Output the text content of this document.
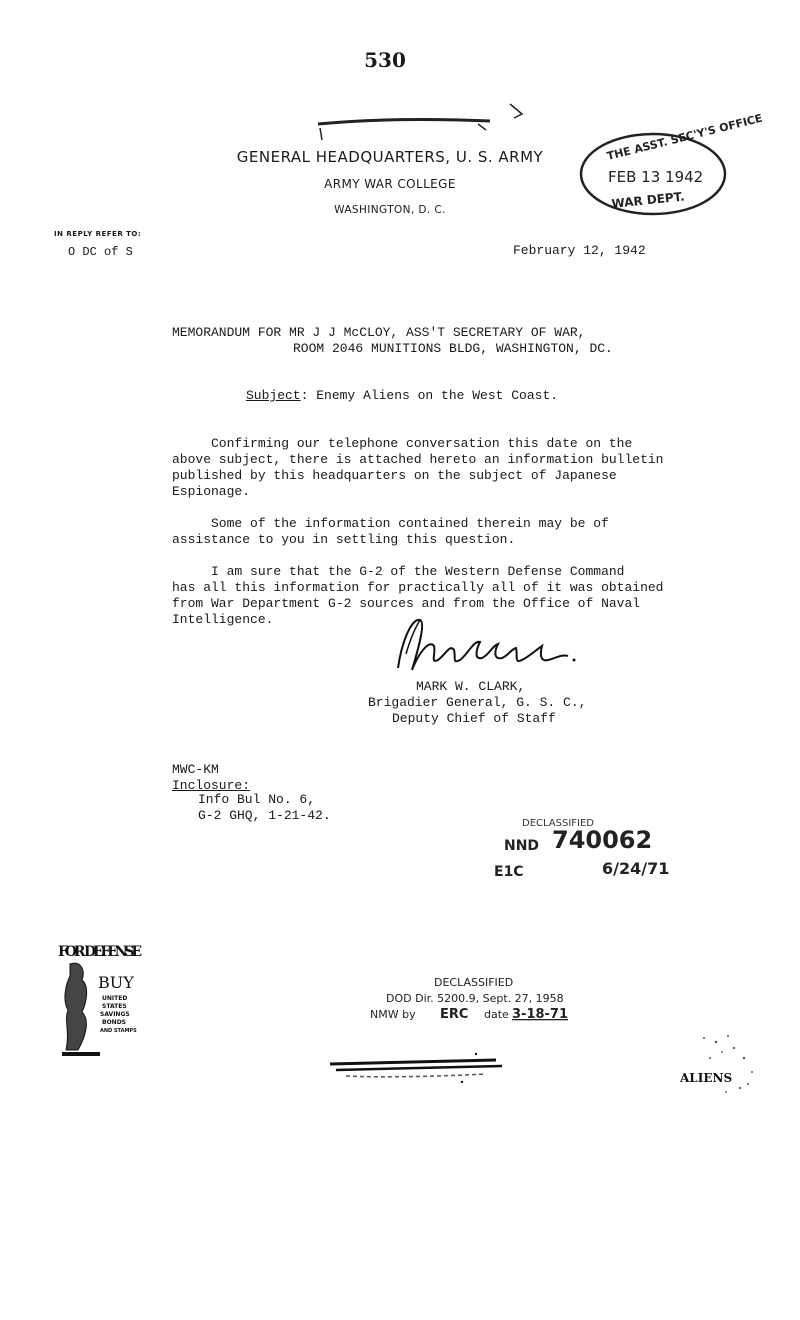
530
GENERAL HEADQUARTERS, U. S. ARMY
ARMY WAR COLLEGE
WASHINGTON, D. C.
THE ASST. SEC'Y'S OFFICE
FEB 13 1942
WAR DEPT.
IN REPLY REFER TO:
O DC of S	February 12, 1942
MEMORANDUM FOR MR J J McCLOY, ASS'T SECRETARY OF WAR,
ROOM 2046 MUNITIONS BLDG, WASHINGTON, DC.
Subject: Enemy Aliens on the West Coast.
Confirming our telephone conversation this date on the
above subject, there is attached hereto an information bulletin
published by this headquarters on the subject of Japanese
Espionage.
Some of the information contained therein may be of
assistance to you in settling this question.
I am sure that the G-2 of the Western Defense Command
has all this information for practically all of it was obtained
from War Department G-2 sources and from the Office of Naval
Intelligence.
MARK W. CLARK,
Brigadier General, G. S. C.,
Deputy Chief of Staff
MWC-KM
Inclosure:
Info Bul No. 6,
G-2 GHQ, 1-21-42.
DECLASSIFIED
NND 740062
E1C	6/24/71
FOR DEFENSE
BUY
UNITED
STATES
SAVINGS
BONDS
AND STAMPS
DECLASSIFIED
DOD Dir. 5200.9, Sept. 27, 1958
NMW by ERC date 3-18-71
ALIENS
